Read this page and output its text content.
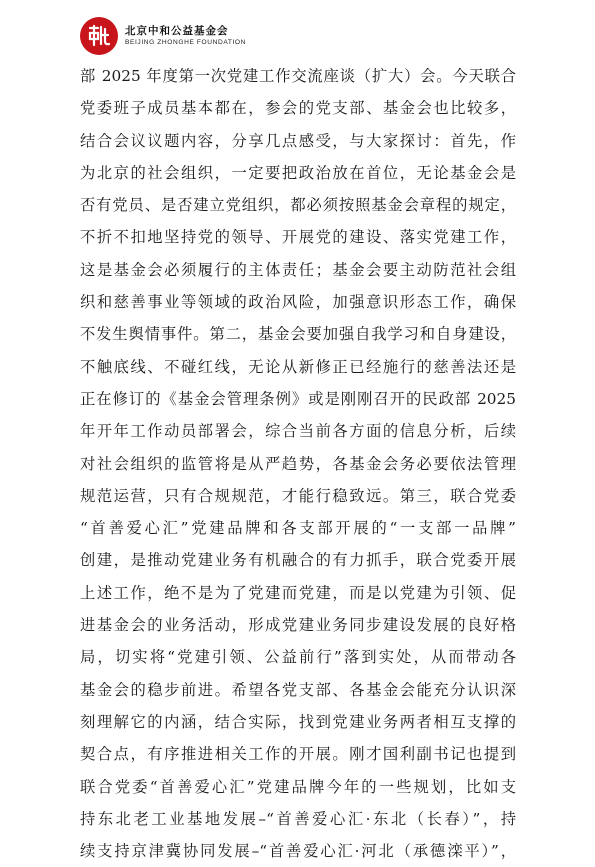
北京中和公益基金会
BEIJING ZHONGHE FOUNDATION
部 2025 年度第一次党建工作交流座谈（扩大）会。今天联合
党委班子成员基本都在，参会的党支部、基金会也比较多，
结合会议议题内容，分享几点感受，与大家探讨：首先，作
为北京的社会组织，一定要把政治放在首位，无论基金会是
否有党员、是否建立党组织，都必须按照基金会章程的规定，
不折不扣地坚持党的领导、开展党的建设、落实党建工作，
这是基金会必须履行的主体责任；基金会要主动防范社会组
织和慈善事业等领域的政治风险，加强意识形态工作，确保
不发生舆情事件。第二，基金会要加强自我学习和自身建设，
不触底线、不碰红线，无论从新修正已经施行的慈善法还是
正在修订的《基金会管理条例》或是刚刚召开的民政部 2025
年开年工作动员部署会，综合当前各方面的信息分析，后续
对社会组织的监管将是从严趋势，各基金会务必要依法管理
规范运营，只有合规规范，才能行稳致远。第三，联合党委
“首善爱心汇”党建品牌和各支部开展的“一支部一品牌”
创建，是推动党建业务有机融合的有力抓手，联合党委开展
上述工作，绝不是为了党建而党建，而是以党建为引领、促
进基金会的业务活动，形成党建业务同步建设发展的良好格
局，切实将“党建引领、公益前行”落到实处，从而带动各
基金会的稳步前进。希望各党支部、各基金会能充分认识深
刻理解它的内涵，结合实际，找到党建业务两者相互支撑的
契合点，有序推进相关工作的开展。刚才国利副书记也提到
联合党委“首善爱心汇”党建品牌今年的一些规划，比如支
持东北老工业基地发展–“首善爱心汇·东北（长春）”，持
续支持京津冀协同发展–“首善爱心汇·河北（承德滦平）”，
